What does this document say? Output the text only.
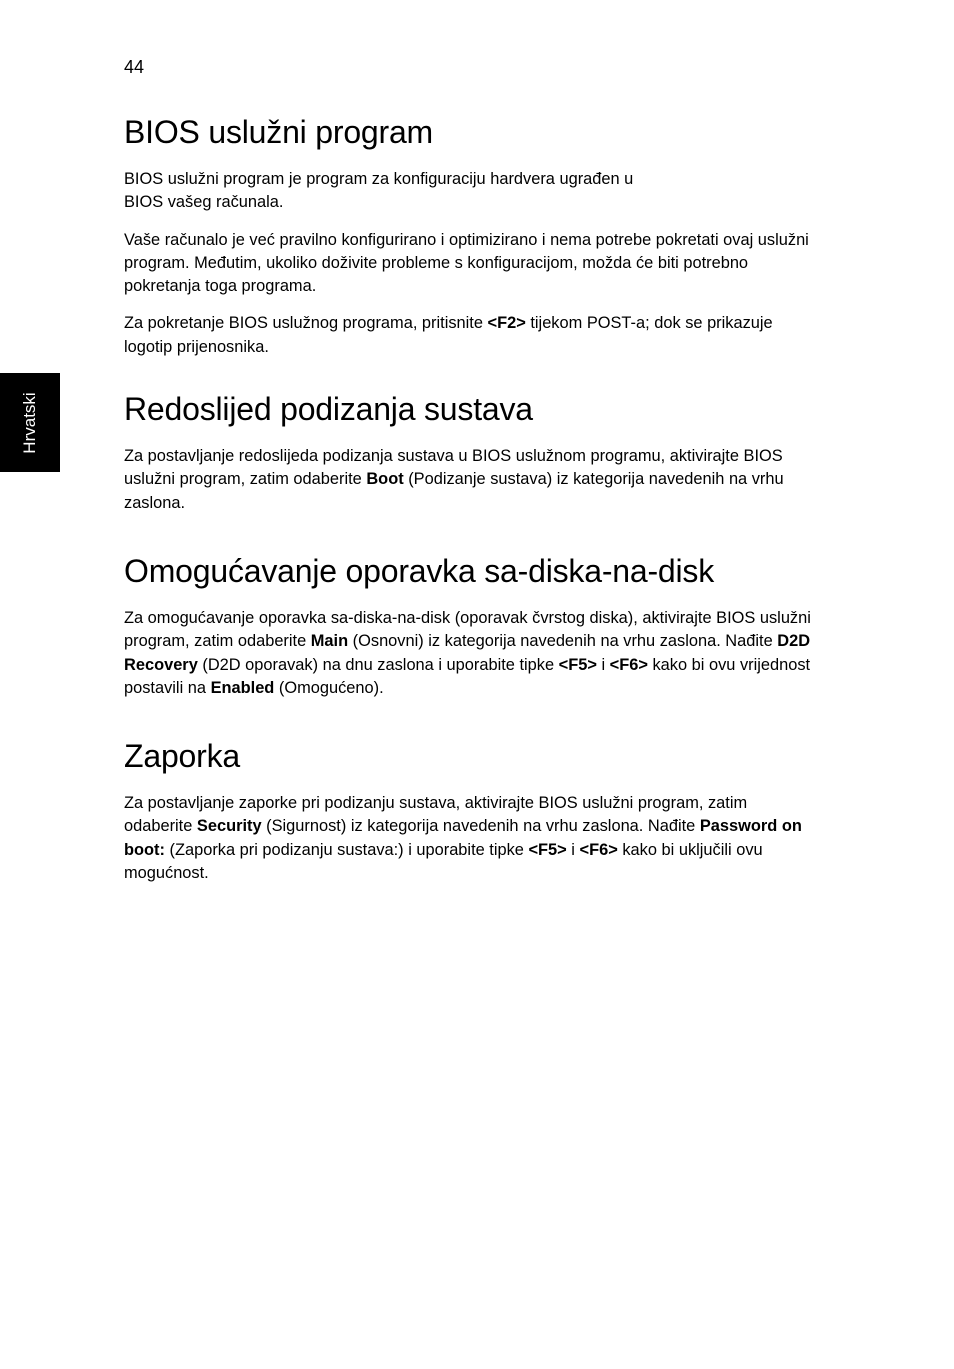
44
Hrvatski
BIOS uslužni program

BIOS uslužni program je program za konfiguraciju hardvera ugrađen u
BIOS vašeg računala.

Vaše računalo je već pravilno konfigurirano i optimizirano i nema potrebe pokretati ovaj uslužni program. Međutim, ukoliko doživite probleme s konfiguracijom, možda će biti potrebno pokretanja toga programa.

Za pokretanje BIOS uslužnog programa, pritisnite <F2> tijekom POST-a; dok se prikazuje logotip prijenosnika.

Redoslijed podizanja sustava

Za postavljanje redoslijeda podizanja sustava u BIOS uslužnom programu, aktivirajte BIOS uslužni program, zatim odaberite Boot (Podizanje sustava) iz kategorija navedenih na vrhu zaslona.

Omogućavanje oporavka sa-diska-na-disk

Za omogućavanje oporavka sa-diska-na-disk (oporavak čvrstog diska), aktivirajte BIOS uslužni program, zatim odaberite Main (Osnovni) iz kategorija navedenih na vrhu zaslona. Nađite D2D Recovery (D2D oporavak) na dnu zaslona i uporabite tipke <F5> i <F6> kako bi ovu vrijednost postavili na Enabled (Omogućeno).

Zaporka

Za postavljanje zaporke pri podizanju sustava, aktivirajte BIOS uslužni program, zatim odaberite Security (Sigurnost) iz kategorija navedenih na vrhu zaslona. Nađite Password on boot: (Zaporka pri podizanju sustava:) i uporabite tipke <F5> i <F6> kako bi uključili ovu mogućnost.
